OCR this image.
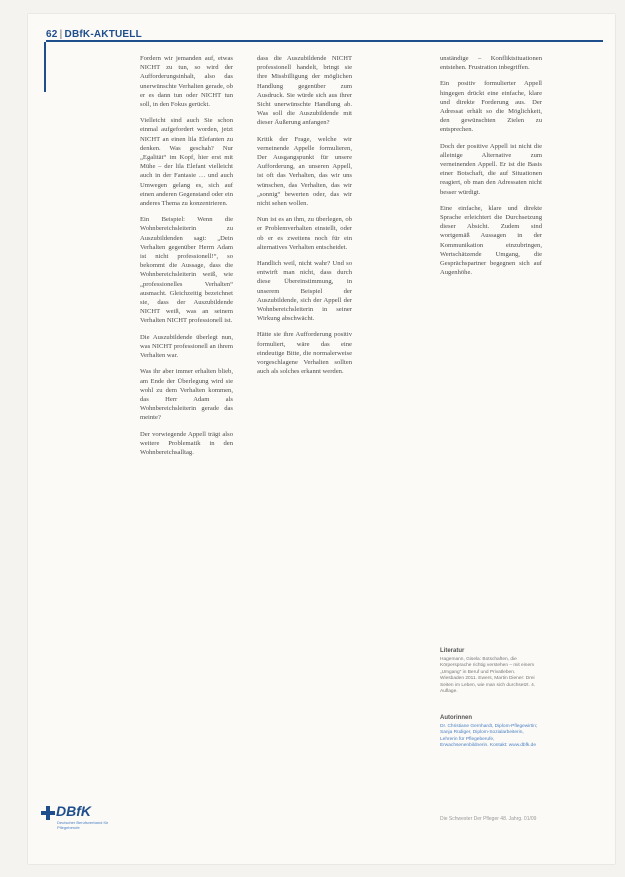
62 | DBfK-AKTUELL

Fordern wir jemanden auf, etwas NICHT zu tun, so wird der Aufforderungsinhalt, also das unerwünschte Verhalten gerade, ob er es dann tun oder NICHT tun soll, in den Fokus gerückt.

Vielleicht sind auch Sie schon einmal aufgefordert worden, jetzt NICHT an einen lila Elefanten zu denken. Was geschah? Nur „Egalität“ im Kopf, hier erst mit Mühe – der lila Elefant vielleicht auch in der Fantasie … und auch Umwegen gelang es, sich auf einen anderen Gegenstand oder ein anderes Thema zu konzentrieren.

Ein Beispiel: Wenn die Wohnbereichsleiterin zu Auszubildenden sagt: „Dein Verhalten gegenüber Herrn Adam ist nicht professionell!“, so bekommt die Aussage, dass die Wohnbereichsleiterin weiß, wie „professionelles Verhalten“ ausmacht. Gleichzeitig bezeichnet sie, dass der Auszubildende NICHT weiß, was an seinem Verhalten NICHT professionell ist.

Die Auszubildende überlegt nun, was NICHT professionell an ihrem Verhalten war.

Was ihr aber immer erhalten blieb, am Ende der Überlegung wird sie wohl zu dem Verhalten kommen, das Herr Adam als Wohnbereichsleiterin gerade das meinte?

Der vorwiegende Appell trägt also weitere Problematik in den Wohnbereichsalltag.

dass die Auszubildende NICHT professionell handelt, bringt sie ihre Missbilligung der möglichen Handlung gegenüber zum Ausdruck. Sie würde sich aus ihrer Sicht unerwünschte Handlung ab. Was soll die Auszubildende mit dieser Äußerung anfangen?

Kritik der Frage, welche wir verneinende Appelle formulieren, Der Ausgangspunkt für unsere Aufforderung, an unseren Appell, ist oft das Verhalten, das wir uns wünschen, das Verhalten, das wir „sonnig“ bewerten oder, das wir nicht sehen wollen.

Nun ist es an ihm, zu überlegen, ob er Problemverhalten einstellt, oder ob er es zweitens noch für ein alternatives Verhalten entscheidet.

Handlich weil, nicht wahr? Und so entwirft man nicht, dass durch diese Übereinstimmung, in unserem Beispiel der Auszubildende, sich der Appell der Wohnbereichsleiterin in seiner Wirkung abschwächt.

Hätte sie ihre Aufforderung positiv formuliert, wäre das eine eindeutige Bitte, die normalerweise vorgeschlagene Verhalten sollten auch als solches erkannt werden.

unständige – Konfliktsituationen entstehen. Frustration inbegriffen.

Ein positiv formulierter Appell hingegen drückt eine einfache, klare und direkte Forderung aus. Der Adressat erhält so die Möglichkeit, den gewünschten Zielen zu entsprechen.

Doch der positive Appell ist nicht die alleinige Alternative zum verneinenden Appell. Er ist die Basis einer Botschaft, die auf Situationen reagiert, ob man den Adressaten nicht besser würdigt.

Eine einfache, klare und direkte Sprache erleichtert die Durchsetzung dieser Absicht. Zudem sind wortgemäß Aussagen in der Kommunikation einzubringen, Wertschätzende Umgang, die Gesprächspartner begegnen sich auf Augenhöhe.

Literatur

Hagemann, Gisela: Botschaften, die Körpersprache richtig verstehen – mit einem „Umgang“ in Beruf und Privatleben. Wiesbaden 2011. Ewers, Martin Diener: Drei Seiten im Leben, wie man sich durchsetzt. 4. Auflage.

Autorinnen

Dr. Christiane Gernhardt, Diplom-Pflegewirtin; Sanja Rüdiger, Diplom-Sozialarbeiterin, Lehrerin für Pflegeberufe, Erwachsenenbildnerin. Kontakt: www.dbfk.de

DBfK
Deutscher Berufsverband für Pflegeberufe
Die Schwester Der Pfleger 48. Jahrg. 01/09
